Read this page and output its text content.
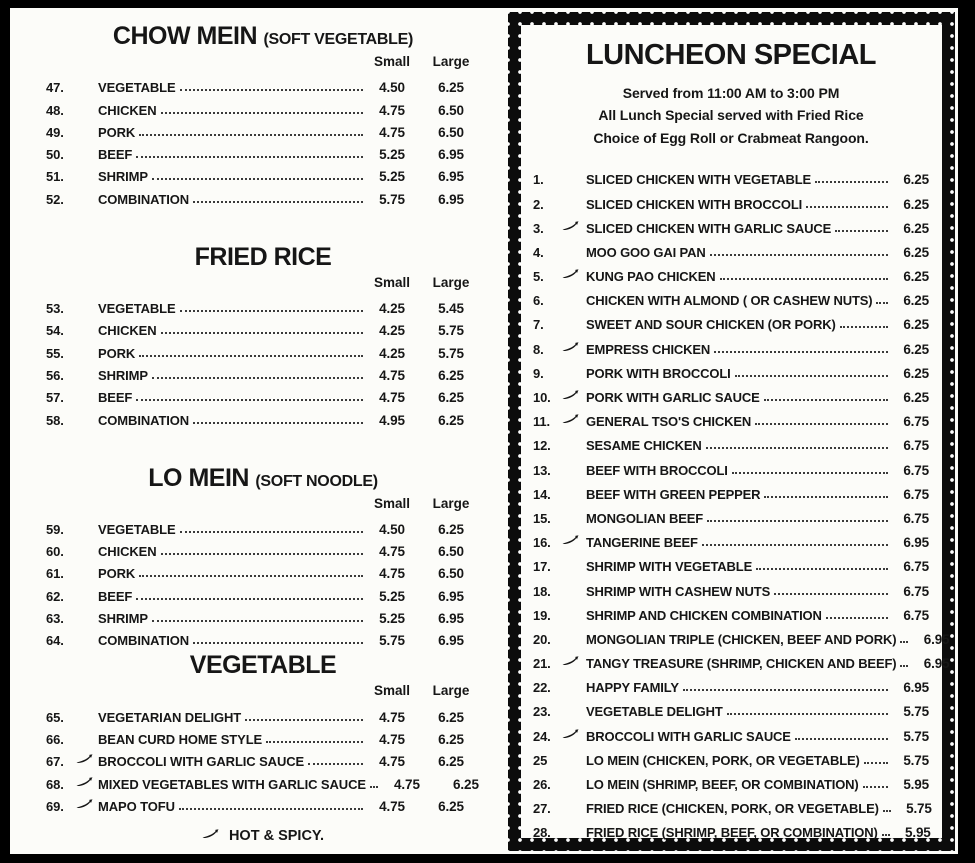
CHOW MEIN (SOFT VEGETABLE)
Small	Large
47.	VEGETABLE	4.50	6.25
48.	CHICKEN	4.75	6.50
49.	PORK	4.75	6.50
50.	BEEF	5.25	6.95
51.	SHRIMP	5.25	6.95
52.	COMBINATION	5.75	6.95
FRIED RICE
Small	Large
53.	VEGETABLE	4.25	5.45
54.	CHICKEN	4.25	5.75
55.	PORK	4.25	5.75
56.	SHRIMP	4.75	6.25
57.	BEEF	4.75	6.25
58.	COMBINATION	4.95	6.25
LO MEIN (SOFT NOODLE)
Small	Large
59.	VEGETABLE	4.50	6.25
60.	CHICKEN	4.75	6.50
61.	PORK	4.75	6.50
62.	BEEF	5.25	6.95
63.	SHRIMP	5.25	6.95
64.	COMBINATION	5.75	6.95
VEGETABLE
Small	Large
65.	VEGETARIAN DELIGHT	4.75	6.25
66.	BEAN CURD HOME STYLE	4.75	6.25
67.	BROCCOLI WITH GARLIC SAUCE	4.75	6.25
68.	MIXED VEGETABLES WITH GARLIC SAUCE	4.75	6.25
69.	MAPO TOFU	4.75	6.25
HOT & SPICY.
LUNCHEON SPECIAL
Served from 11:00 AM to 3:00 PM
All Lunch Special served with Fried Rice
Choice of Egg Roll or Crabmeat Rangoon.
1.	SLICED CHICKEN WITH VEGETABLE	6.25
2.	SLICED CHICKEN WITH BROCCOLI	6.25
3.	SLICED CHICKEN WITH GARLIC SAUCE	6.25
4.	MOO GOO GAI PAN	6.25
5.	KUNG PAO CHICKEN	6.25
6.	CHICKEN WITH ALMOND ( OR CASHEW NUTS)	6.25
7.	SWEET AND SOUR CHICKEN (OR PORK)	6.25
8.	EMPRESS CHICKEN	6.25
9.	PORK WITH BROCCOLI	6.25
10.	PORK WITH GARLIC SAUCE	6.25
11.	GENERAL TSO'S CHICKEN	6.75
12.	SESAME CHICKEN	6.75
13.	BEEF WITH BROCCOLI	6.75
14.	BEEF WITH GREEN PEPPER	6.75
15.	MONGOLIAN BEEF	6.75
16.	TANGERINE BEEF	6.95
17.	SHRIMP WITH VEGETABLE	6.75
18.	SHRIMP WITH CASHEW NUTS	6.75
19.	SHRIMP AND CHICKEN COMBINATION	6.75
20.	MONGOLIAN TRIPLE (CHICKEN, BEEF AND PORK)	6.95
21.	TANGY TREASURE (SHRIMP, CHICKEN AND BEEF)	6.95
22.	HAPPY FAMILY	6.95
23.	VEGETABLE DELIGHT	5.75
24.	BROCCOLI WITH GARLIC SAUCE	5.75
25	LO MEIN (CHICKEN, PORK, OR VEGETABLE)	5.75
26.	LO MEIN (SHRIMP, BEEF, OR COMBINATION)	5.95
27.	FRIED RICE (CHICKEN, PORK, OR VEGETABLE)	5.75
28.	FRIED RICE (SHRIMP, BEEF, OR COMBINATION)	5.95
